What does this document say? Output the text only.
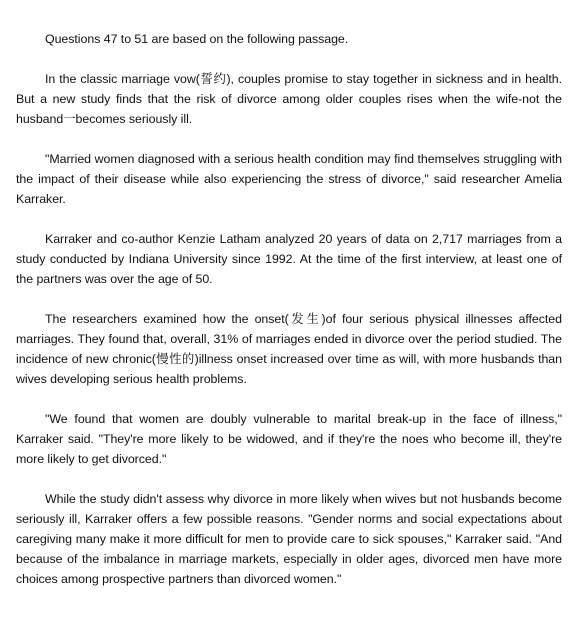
Questions 47 to 51 are based on the following passage.

In the classic marriage vow(誓约), couples promise to stay together in sickness and in health. But a new study finds that the risk of divorce among older couples rises when the wife-not the husband一becomes seriously ill.

"Married women diagnosed with a serious health condition may find themselves struggling with the impact of their disease while also experiencing the stress of divorce," said researcher Amelia Karraker.

Karraker and co-author Kenzie Latham analyzed 20 years of data on 2,717 marriages from a study conducted by Indiana University since 1992. At the time of the first interview, at least one of the partners was over the age of 50.

The researchers examined how the onset(发生)of four serious physical illnesses affected marriages. They found that, overall, 31% of marriages ended in divorce over the period studied. The incidence of new chronic(慢性的)illness onset increased over time as will, with more husbands than wives developing serious health problems.

"We found that women are doubly vulnerable to marital break-up in the face of illness," Karraker said. "They're more likely to be widowed, and if they're the noes who become ill, they're more likely to get divorced."

While the study didn't assess why divorce in more likely when wives but not husbands become seriously ill, Karraker offers a few possible reasons. "Gender norms and social expectations about caregiving many make it more difficult for men to provide care to sick spouses," Karraker said. "And because of the imbalance in marriage markets, especially in older ages, divorced men have more choices among prospective partners than divorced women."
